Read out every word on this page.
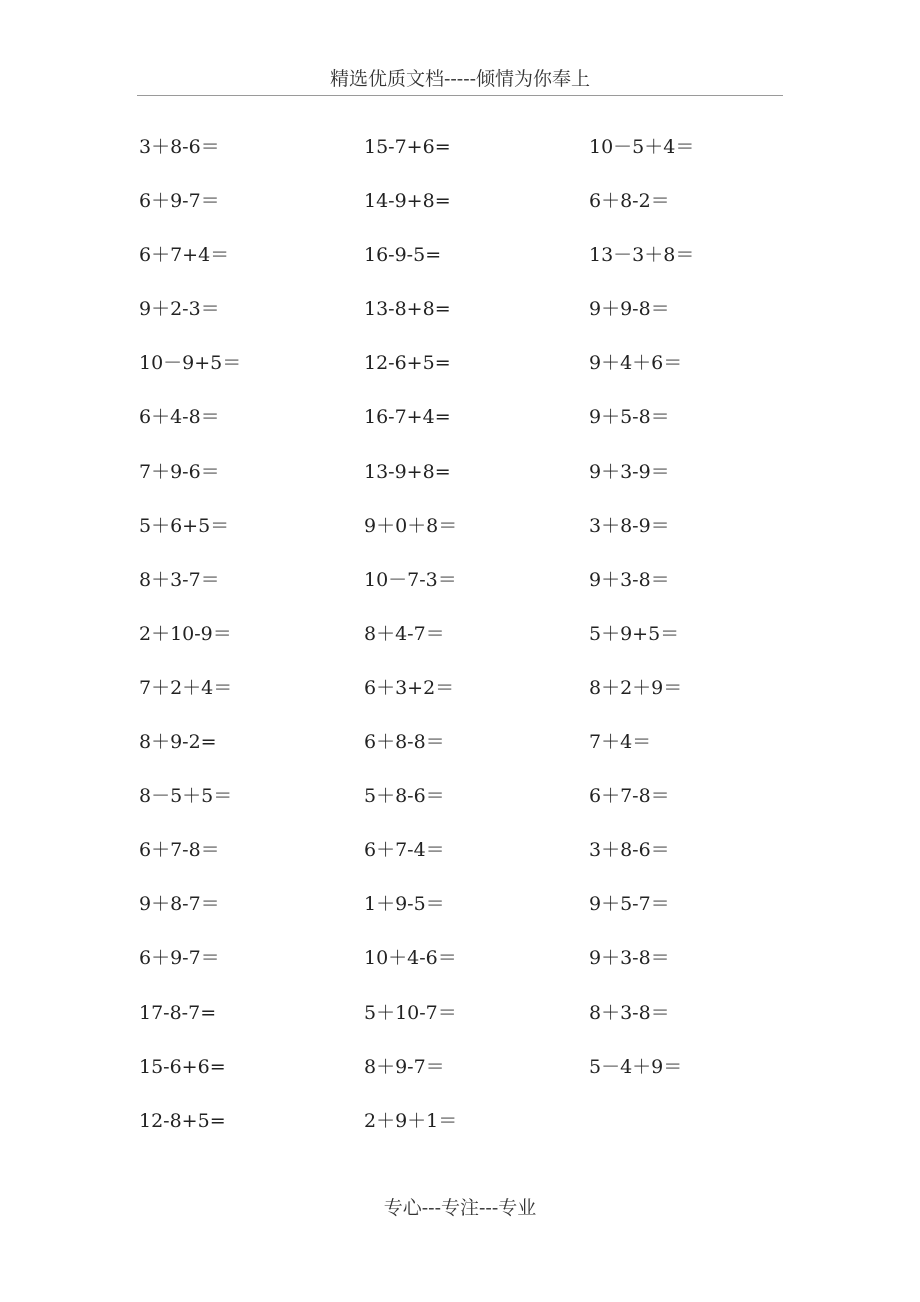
精选优质文档-----倾情为你奉上
3＋8-6＝	15-7+6=	10－5＋4＝
6＋9-7＝	14-9+8=	6＋8-2＝
6＋7+4＝	16-9-5=	13－3＋8＝
9＋2-3＝	13-8+8=	9＋9-8＝
10－9+5＝	12-6+5=	9＋4＋6＝
6＋4-8＝	16-7+4=	9＋5-8＝
7＋9-6＝	13-9+8=	9＋3-9＝
5＋6+5＝	9＋0＋8＝	3＋8-9＝
8＋3-7＝	10－7-3＝	9＋3-8＝
2＋10-9＝	8＋4-7＝	5＋9+5＝
7＋2＋4＝	6＋3+2＝	8＋2＋9＝
8＋9-2=	6＋8-8＝	7＋4＝
8－5＋5＝	5＋8-6＝	6＋7-8＝
6＋7-8＝	6＋7-4＝	3＋8-6＝
9＋8-7＝	1＋9-5＝	9＋5-7＝
6＋9-7＝	10＋4-6＝	9＋3-8＝
17-8-7=	5＋10-7＝	8＋3-8＝
15-6+6=	8＋9-7＝	5－4＋9＝
12-8+5=	2＋9＋1＝
专心---专注---专业
